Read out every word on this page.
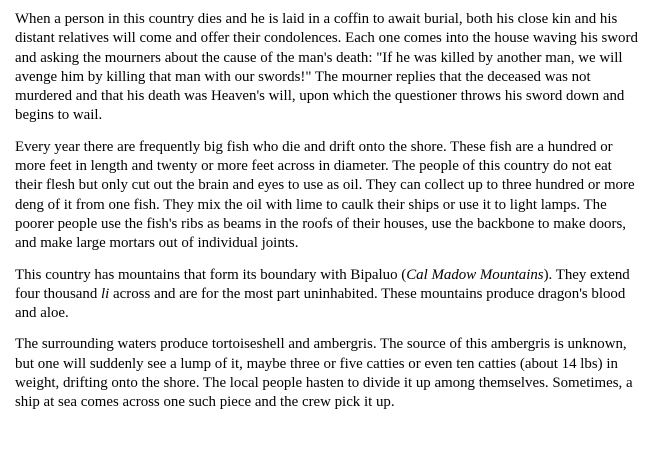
When a person in this country dies and he is laid in a coffin to await burial, both his close kin and his distant relatives will come and offer their condolences. Each one comes into the house waving his sword and asking the mourners about the cause of the man's death: "If he was killed by another man, we will avenge him by killing that man with our swords!" The mourner replies that the deceased was not murdered and that his death was Heaven's will, upon which the questioner throws his sword down and begins to wail.

Every year there are frequently big fish who die and drift onto the shore. These fish are a hundred or more feet in length and twenty or more feet across in diameter. The people of this country do not eat their flesh but only cut out the brain and eyes to use as oil. They can collect up to three hundred or more deng of it from one fish. They mix the oil with lime to caulk their ships or use it to light lamps. The poorer people use the fish's ribs as beams in the roofs of their houses, use the backbone to make doors, and make large mortars out of individual joints.

This country has mountains that form its boundary with Bipaluo (Cal Madow Mountains). They extend four thousand li across and are for the most part uninhabited. These mountains produce dragon's blood and aloe.

The surrounding waters produce tortoiseshell and ambergris. The source of this ambergris is unknown, but one will suddenly see a lump of it, maybe three or five catties or even ten catties (about 14 lbs) in weight, drifting onto the shore. The local people hasten to divide it up among themselves. Sometimes, a ship at sea comes across one such piece and the crew pick it up.
